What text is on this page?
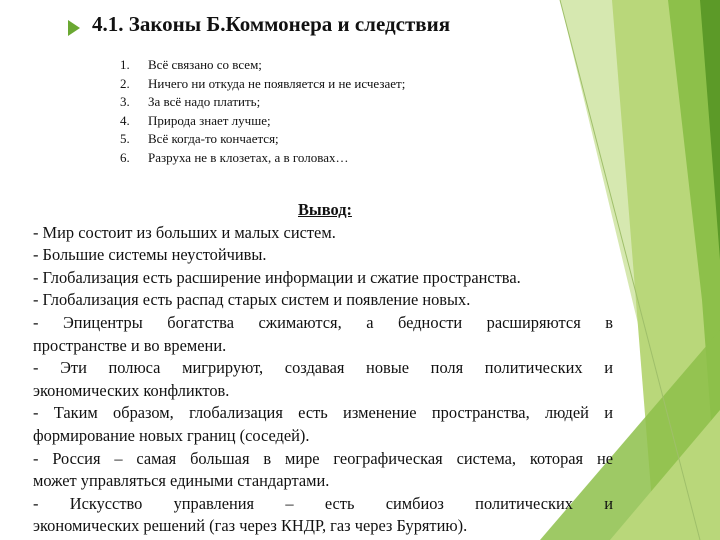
4.1. Законы Б.Коммонера и следствия
1.	Всё связано со всем;
2.	Ничего ни откуда не появляется и не исчезает;
3.	За всё надо платить;
4.	Природа знает лучше;
5.	Всё когда-то кончается;
6.	Разруха не в клозетах, а в головах…

Вывод:

- Мир состоит из больших и малых систем.

- Большие системы неустойчивы.

- Глобализация есть расширение информации и сжатие пространства.

- Глобализация есть распад старых систем и появление новых.

- Эпицентры богатства сжимаются, а бедности расширяются в

пространстве и во времени.

- Эти полюса мигрируют, создавая новые поля политических и

экономических конфликтов.

- Таким образом, глобализация есть изменение пространства, людей и

формирование новых границ (соседей).

- Россия – самая большая в мире географическая система, которая не

может управляться едиными стандартами.

- Искусство управления – есть симбиоз политических и

экономических решений (газ через КНДР, газ через Бурятию).
